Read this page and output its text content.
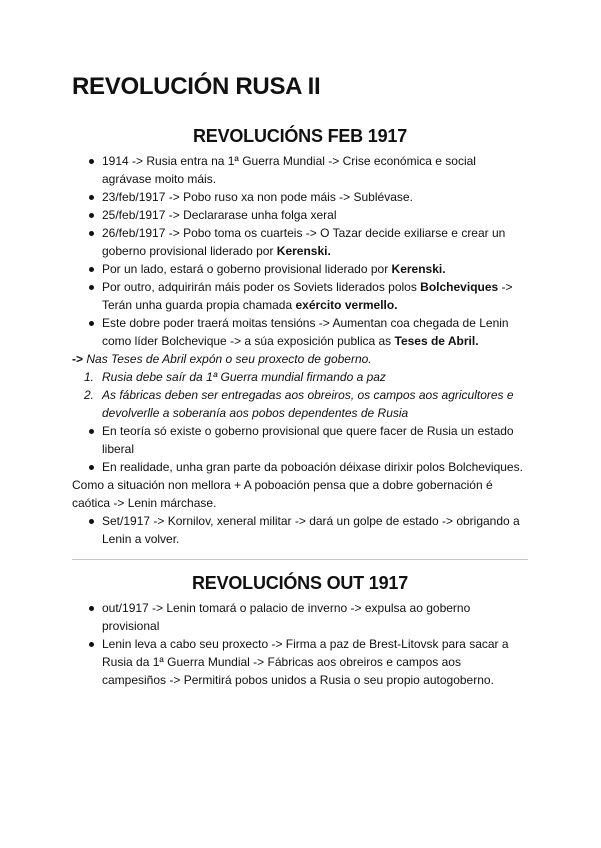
REVOLUCIÓN RUSA II
REVOLUCIÓNS FEB 1917
1914 -> Rusia entra na 1ª Guerra Mundial -> Crise económica e social agrávase moito máis.
23/feb/1917 -> Pobo ruso xa non pode máis -> Sublévase.
25/feb/1917 -> Declararase unha folga xeral
26/feb/1917 -> Pobo toma os cuarteis -> O Tazar decide exiliarse e crear un goberno provisional liderado por Kerenski.
Por un lado, estará o goberno provisional liderado por Kerenski.
Por outro, adquirirán máis poder os Soviets liderados polos Bolcheviques -> Terán unha guarda propia chamada exército vermello.
Este dobre poder traerá moitas tensións -> Aumentan coa chegada de Lenin como líder Bolchevique -> a súa exposición publica as Teses de Abril.
-> Nas Teses de Abril expón o seu proxecto de goberno.
1. Rusia debe saír da 1ª Guerra mundial firmando a paz
2. As fábricas deben ser entregadas aos obreiros, os campos aos agricultores e devolverlle a soberanía aos pobos dependentes de Rusia
En teoría só existe o goberno provisional que quere facer de Rusia un estado liberal
En realidade, unha gran parte da poboación déixase dirixir polos Bolcheviques.
Como a situación non mellora + A poboación pensa que a dobre gobernación é caótica -> Lenin márchase.
Set/1917 -> Kornilov, xeneral militar -> dará un golpe de estado -> obrigando a Lenin a volver.
REVOLUCIÓNS OUT 1917
out/1917 -> Lenin tomará o palacio de inverno -> expulsa ao goberno provisional
Lenin leva a cabo seu proxecto -> Firma a paz de Brest-Litovsk para sacar a Rusia da 1ª Guerra Mundial -> Fábricas aos obreiros e campos aos campesiños -> Permitirá pobos unidos a Rusia o seu propio autogoberno.
